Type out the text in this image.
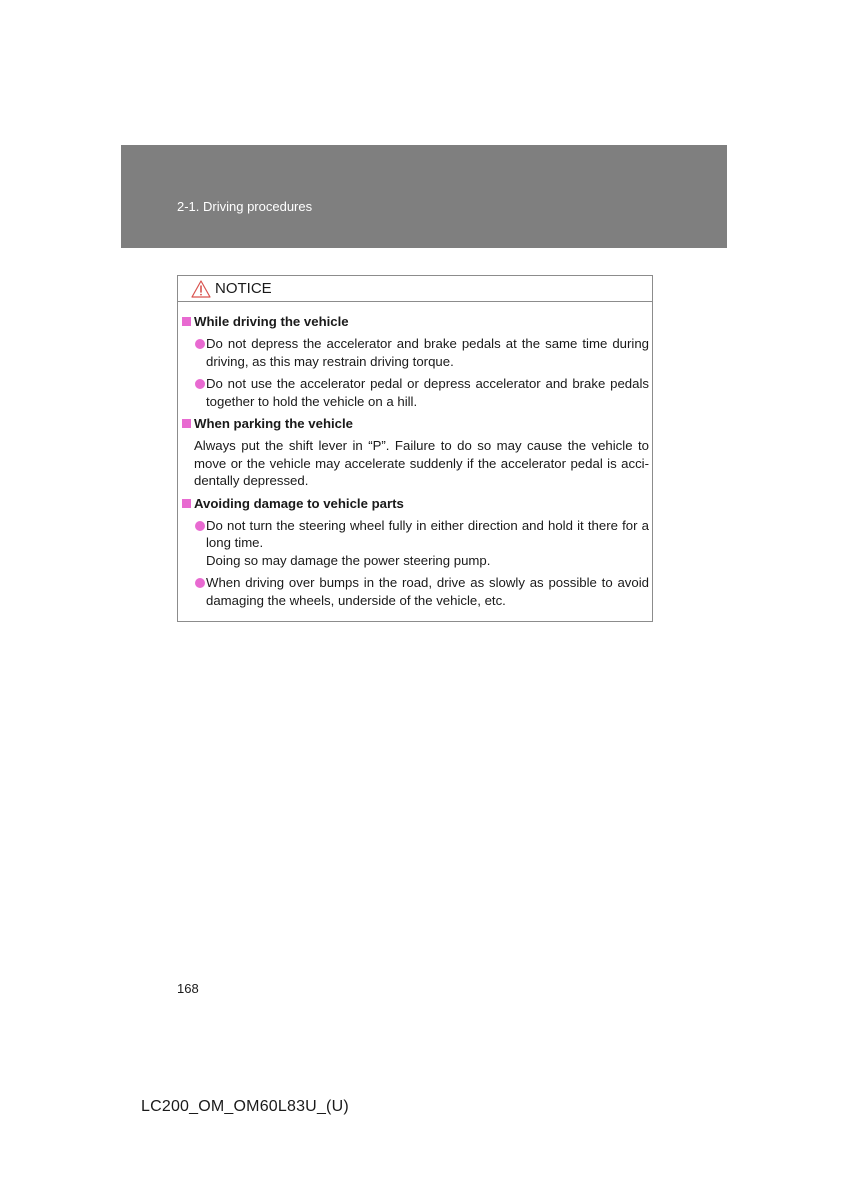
2-1. Driving procedures
NOTICE
While driving the vehicle
Do not depress the accelerator and brake pedals at the same time during
driving, as this may restrain driving torque.
Do not use the accelerator pedal or depress accelerator and brake pedals
together to hold the vehicle on a hill.
When parking the vehicle
Always put the shift lever in “P”. Failure to do so may cause the vehicle to
move or the vehicle may accelerate suddenly if the accelerator pedal is acci-
dentally depressed.
Avoiding damage to vehicle parts
Do not turn the steering wheel fully in either direction and hold it there for a
long time.
Doing so may damage the power steering pump.
When driving over bumps in the road, drive as slowly as possible to avoid
damaging the wheels, underside of the vehicle, etc.
168
LC200_OM_OM60L83U_(U)
